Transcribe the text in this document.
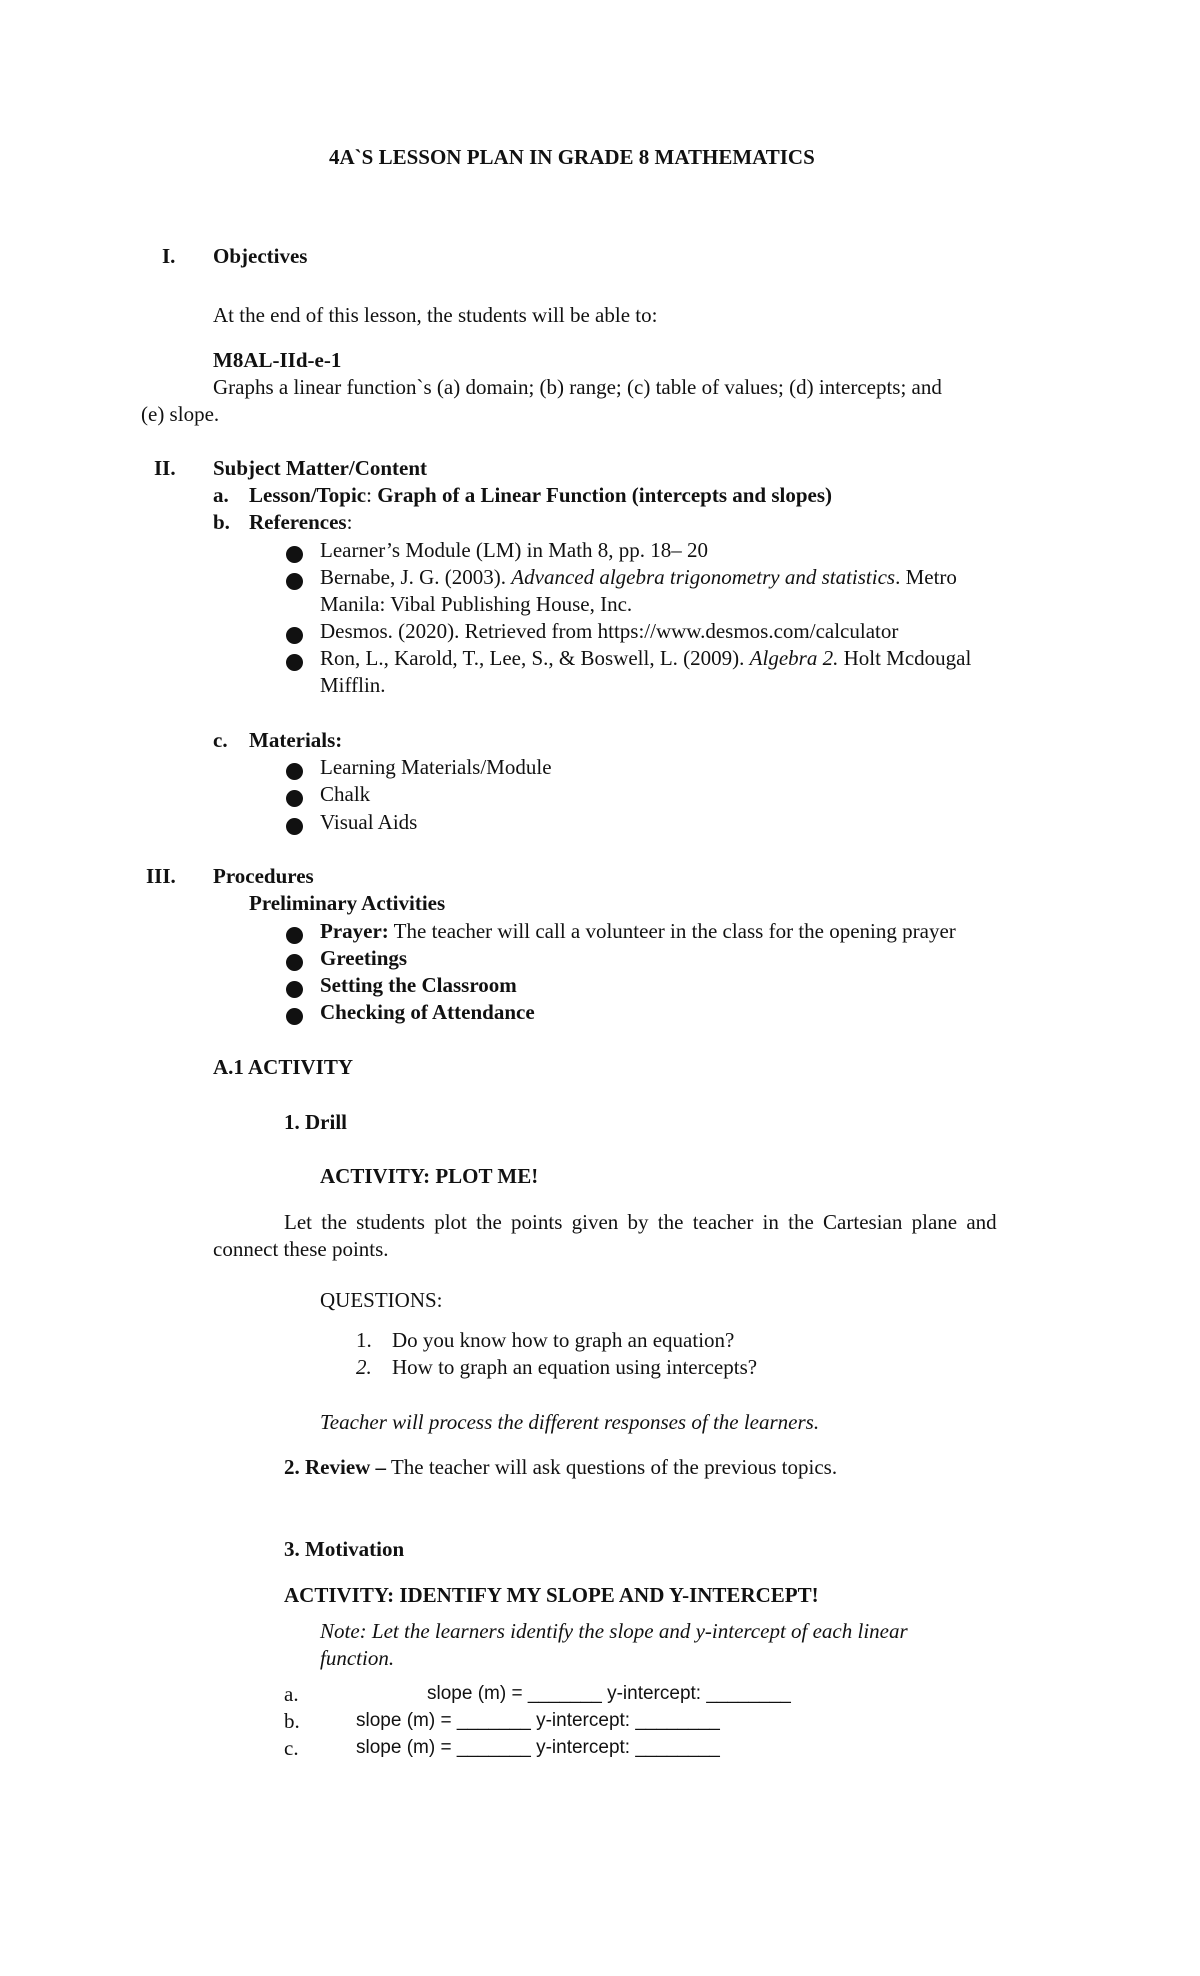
4A`S LESSON PLAN IN GRADE 8 MATHEMATICS
I. Objectives
At the end of this lesson, the students will be able to:
M8AL-IId-e-1
Graphs a linear function`s (a) domain; (b) range; (c) table of values; (d) intercepts; and
(e) slope.
II. Subject Matter/Content
a. Lesson/Topic: Graph of a Linear Function (intercepts and slopes)
b. References:
Learner’s Module (LM) in Math 8, pp. 18– 20
Bernabe, J. G. (2003). Advanced algebra trigonometry and statistics. Metro
Manila: Vibal Publishing House, Inc.
Desmos. (2020). Retrieved from https://www.desmos.com/calculator
Ron, L., Karold, T., Lee, S., & Boswell, L. (2009). Algebra 2. Holt Mcdougal
Mifflin.
c. Materials:
Learning Materials/Module
Chalk
Visual Aids
III. Procedures
Preliminary Activities
Prayer: The teacher will call a volunteer in the class for the opening prayer
Greetings
Setting the Classroom
Checking of Attendance
A.1 ACTIVITY
1. Drill
ACTIVITY: PLOT ME!
Let the students plot the points given by the teacher in the Cartesian plane and
connect these points.
QUESTIONS:
1. Do you know how to graph an equation?
2. How to graph an equation using intercepts?
Teacher will process the different responses of the learners.
2. Review – The teacher will ask questions of the previous topics.
3. Motivation
ACTIVITY: IDENTIFY MY SLOPE AND Y-INTERCEPT!
Note: Let the learners identify the slope and y-intercept of each linear
function.
a.	slope (m) = _______ y-intercept: ________
b.	slope (m) = _______ y-intercept: ________
c.	slope (m) = _______ y-intercept: ________
